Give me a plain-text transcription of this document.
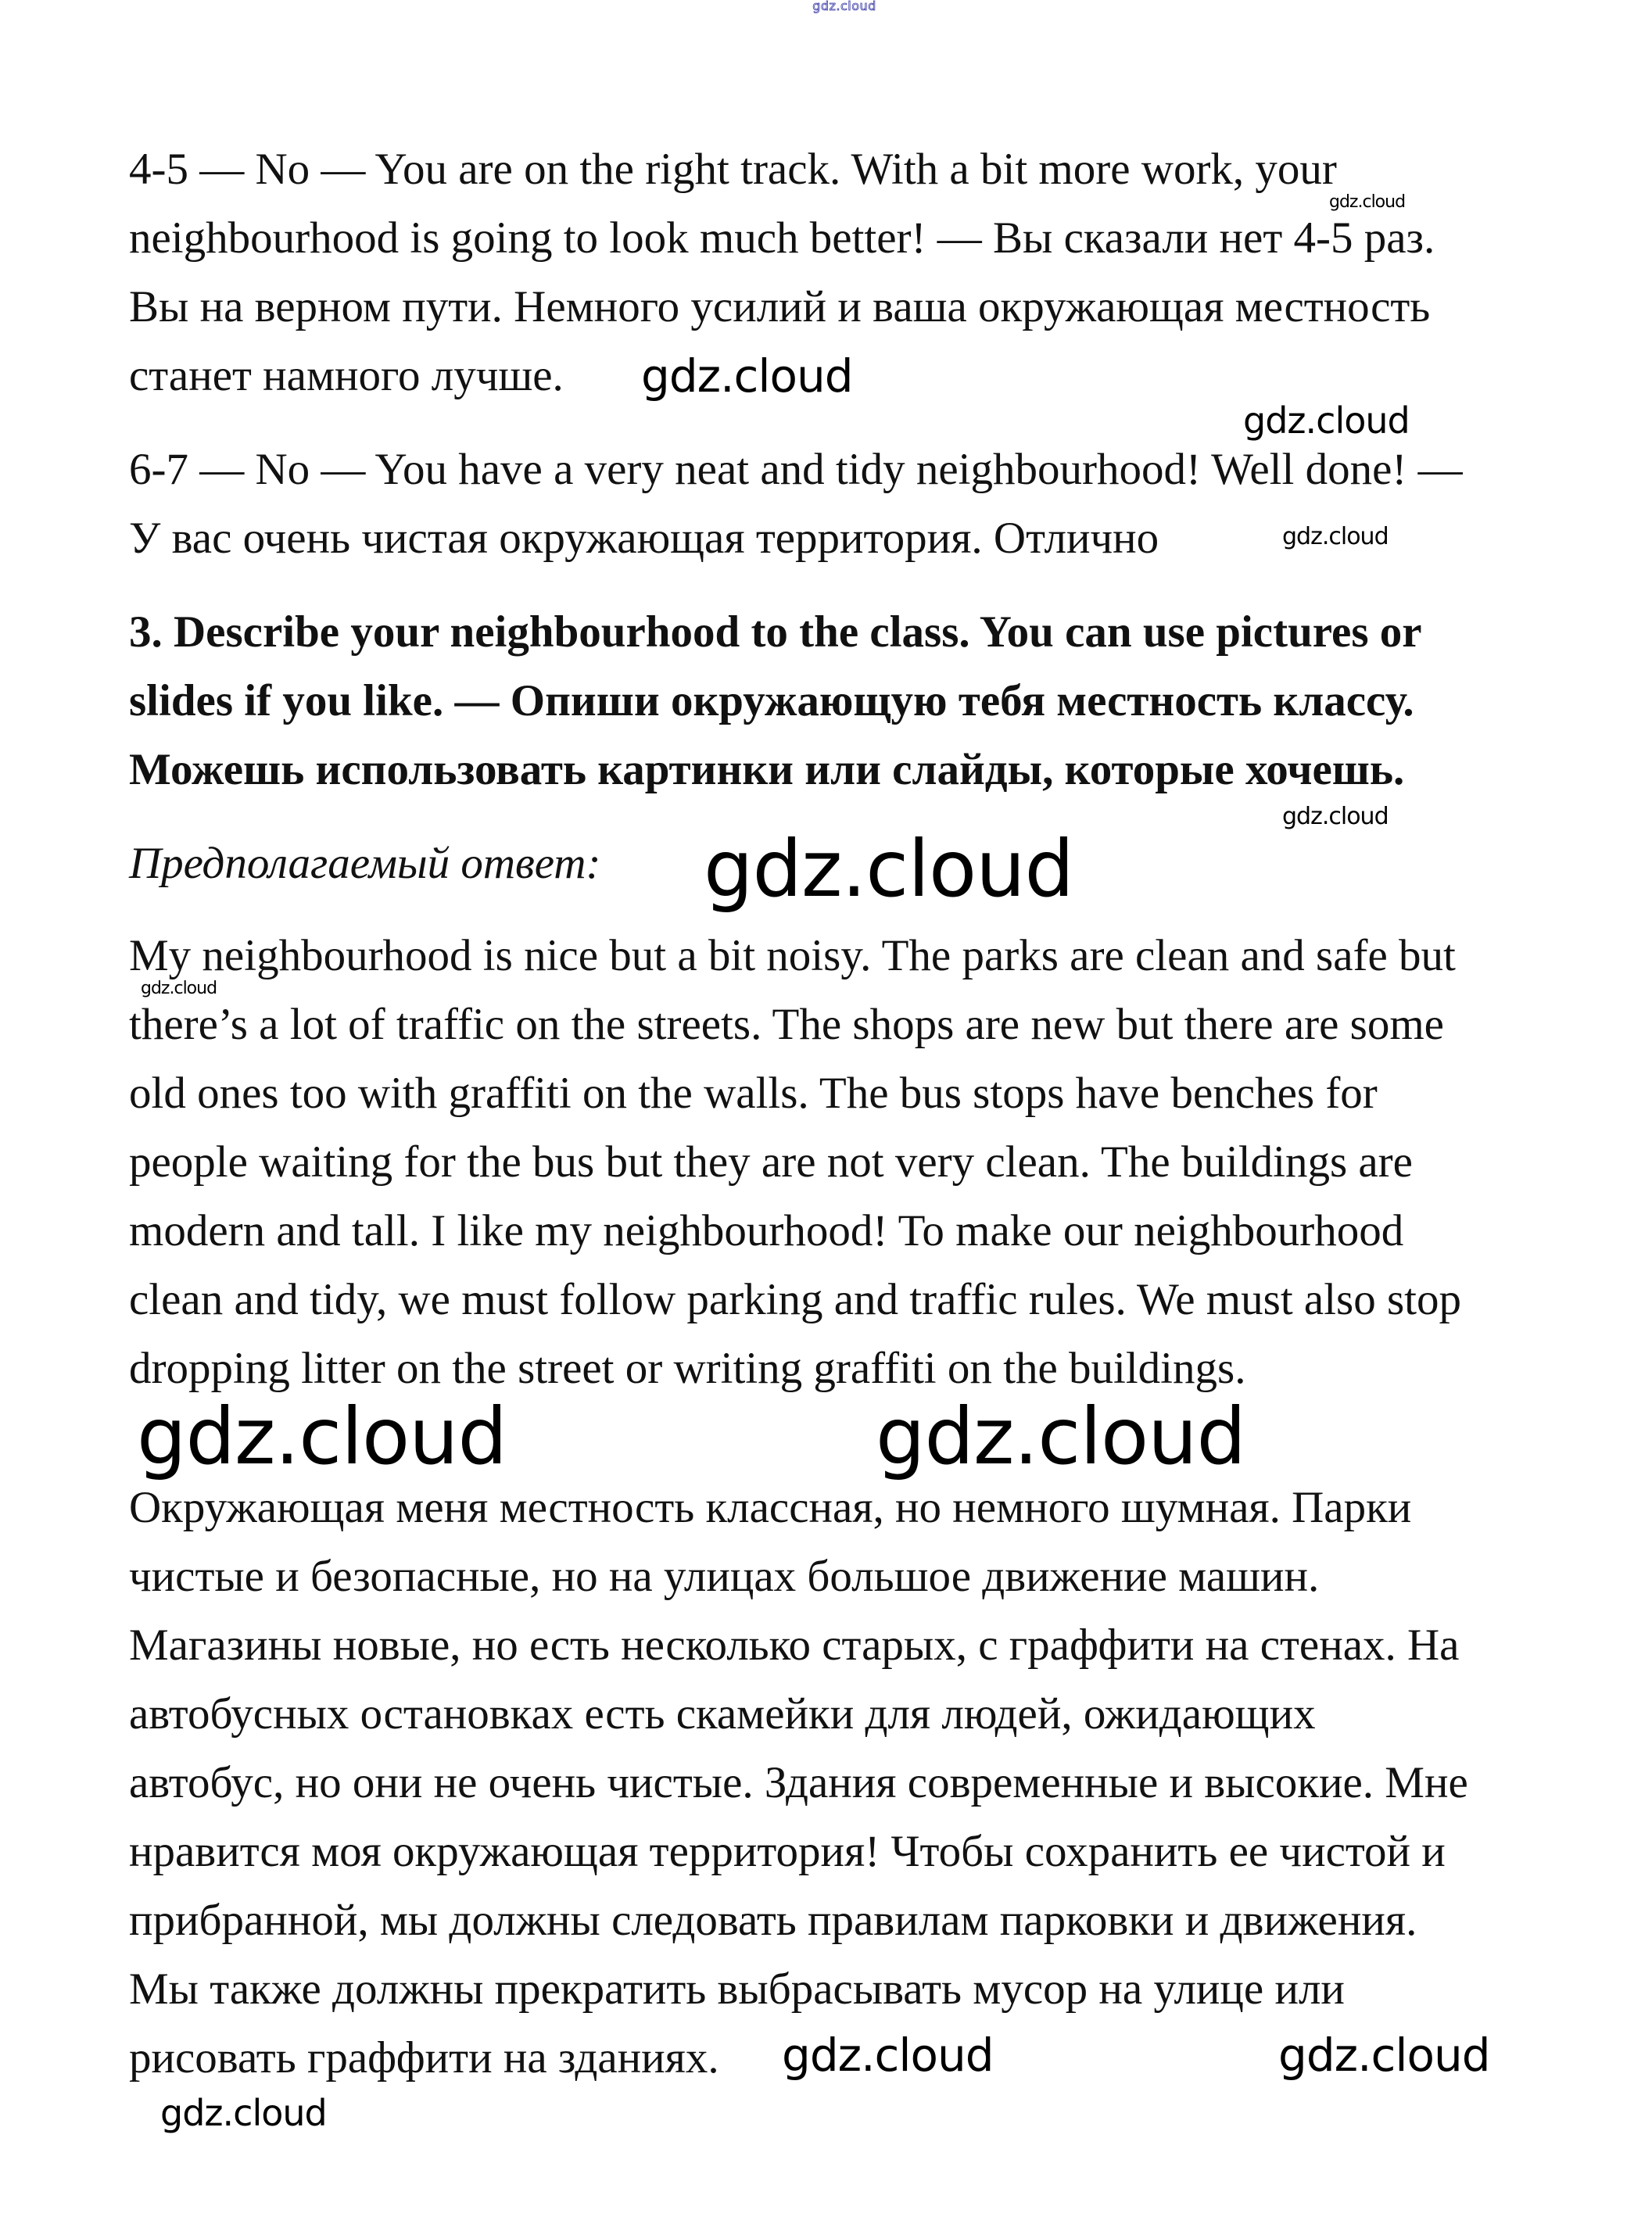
gdz.cloud
4-5 — No — You are on the right track. With a bit more work, your
neighbourhood is going to look much better! — Вы сказали нет 4-5 раз.
Вы на верном пути. Немного усилий и ваша окружающая местность
станет намного лучше.
6-7 — No — You have a very neat and tidy neighbourhood! Well done! —
У вас очень чистая окружающая территория. Отлично
3. Describe your neighbourhood to the class. You can use pictures or
slides if you like. — Опиши окружающую тебя местность классу.
Можешь использовать картинки или слайды, которые хочешь.
Предполагаемый ответ:
My neighbourhood is nice but a bit noisy. The parks are clean and safe but
there’s a lot of traffic on the streets. The shops are new but there are some
old ones too with graffiti on the walls. The bus stops have benches for
people waiting for the bus but they are not very clean. The buildings are
modern and tall. I like my neighbourhood! To make our neighbourhood
clean and tidy, we must follow parking and traffic rules. We must also stop
dropping litter on the street or writing graffiti on the buildings.
Окружающая меня местность классная, но немного шумная. Парки
чистые и безопасные, но на улицах большое движение машин.
Магазины новые, но есть несколько старых, с граффити на стенах. На
автобусных остановках есть скамейки для людей, ожидающих
автобус, но они не очень чистые. Здания современные и высокие. Мне
нравится моя окружающая территория! Чтобы сохранить ее чистой и
прибранной, мы должны следовать правилам парковки и движения.
Мы также должны прекратить выбрасывать мусор на улице или
рисовать граффити на зданиях.
gdz.cloud
gdz.cloud
gdz.cloud
gdz.cloud
gdz.cloud
gdz.cloud
gdz.cloud
gdz.cloud	gdz.cloud
gdz.cloud
gdz.cloud	gdz.cloud
